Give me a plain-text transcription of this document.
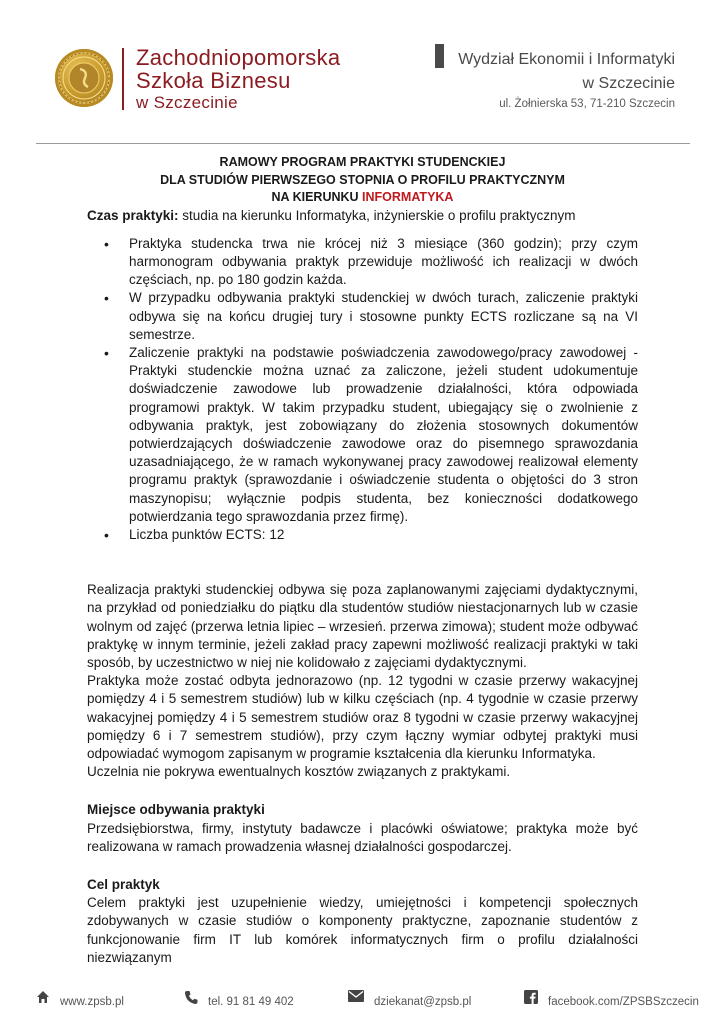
Zachodniopomorska
Szkoła Biznesu
w Szczecinie
Wydział Ekonomii i Informatyki
w Szczecinie
ul. Żołnierska 53, 71-210 Szczecin
RAMOWY PROGRAM PRAKTYKI STUDENCKIEJ
DLA STUDIÓW PIERWSZEGO STOPNIA O PROFILU PRAKTYCZNYM
NA KIERUNKU INFORMATYKA

Czas praktyki: studia na kierunku Informatyka, inżynierskie o profilu praktycznym

• Praktyka studencka trwa nie krócej niż 3 miesiące (360 godzin); przy czym harmonogram odbywania praktyk przewiduje możliwość ich realizacji w dwóch częściach, np. po 180 godzin każda.
• W przypadku odbywania praktyki studenckiej w dwóch turach, zaliczenie praktyki odbywa się na końcu drugiej tury i stosowne punkty ECTS rozliczane są na VI semestrze.
• Zaliczenie praktyki na podstawie poświadczenia zawodowego/pracy zawodowej - Praktyki studenckie można uznać za zaliczone, jeżeli student udokumentuje doświadczenie zawodowe lub prowadzenie działalności, która odpowiada programowi praktyk. W takim przypadku student, ubiegający się o zwolnienie z odbywania praktyk, jest zobowiązany do złożenia stosownych dokumentów potwierdzających doświadczenie zawodowe oraz do pisemnego sprawozdania uzasadniającego, że w ramach wykonywanej pracy zawodowej realizował elementy programu praktyk (sprawozdanie i oświadczenie studenta o objętości do 3 stron maszynopisu; wyłącznie podpis studenta, bez konieczności dodatkowego potwierdzania tego sprawozdania przez firmę).
• Liczba punktów ECTS: 12

Realizacja praktyki studenckiej odbywa się poza zaplanowanymi zajęciami dydaktycznymi, na przykład od poniedziałku do piątku dla studentów studiów niestacjonarnych lub w czasie wolnym od zajęć (przerwa letnia lipiec – wrzesień. przerwa zimowa); student może odbywać praktykę w innym terminie, jeżeli zakład pracy zapewni możliwość realizacji praktyki w taki sposób, by uczestnictwo w niej nie kolidowało z zajęciami dydaktycznymi.

Praktyka może zostać odbyta jednorazowo (np. 12 tygodni w czasie przerwy wakacyjnej pomiędzy 4 i 5 semestrem studiów) lub w kilku częściach (np. 4 tygodnie w czasie przerwy wakacyjnej pomiędzy 4 i 5 semestrem studiów oraz 8 tygodni w czasie przerwy wakacyjnej pomiędzy 6 i 7 semestrem studiów), przy czym łączny wymiar odbytej praktyki musi odpowiadać wymogom zapisanym w programie kształcenia dla kierunku Informatyka.

Uczelnia nie pokrywa ewentualnych kosztów związanych z praktykami.

Miejsce odbywania praktyki

Przedsiębiorstwa, firmy, instytuty badawcze i placówki oświatowe; praktyka może być realizowana w ramach prowadzenia własnej działalności gospodarczej.

Cel praktyk

Celem praktyki jest uzupełnienie wiedzy, umiejętności i kompetencji społecznych zdobywanych w czasie studiów o komponenty praktyczne, zapoznanie studentów z funkcjonowanie firm IT lub komórek informatycznych firm o profilu działalności niezwiązanym

www.zpsb.pl	tel. 91 81 49 402	dziekanat@zpsb.pl	facebook.com/ZPSBSzczecin
